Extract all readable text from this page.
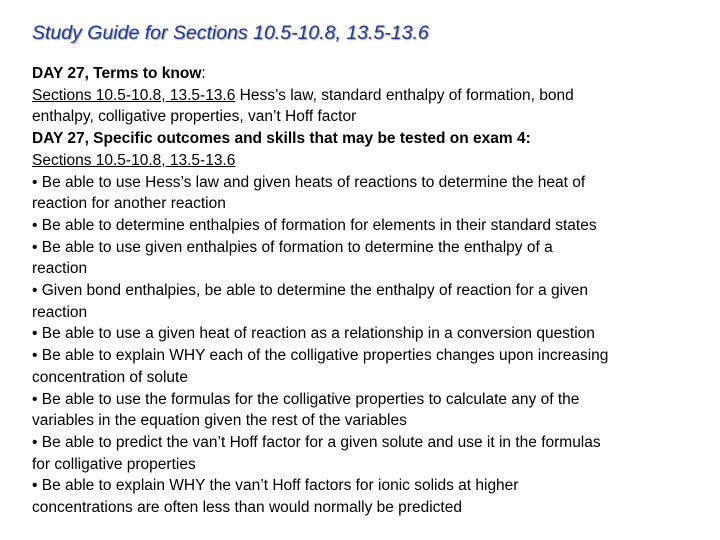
Study Guide for Sections 10.5-10.8, 13.5-13.6
DAY 27, Terms to know:
Sections 10.5-10.8, 13.5-13.6 Hess’s law, standard enthalpy of formation, bond
enthalpy, colligative properties, van’t Hoff factor
DAY 27, Specific outcomes and skills that may be tested on exam 4:
Sections 10.5-10.8, 13.5-13.6
• Be able to use Hess’s law and given heats of reactions to determine the heat of
reaction for another reaction
• Be able to determine enthalpies of formation for elements in their standard states
• Be able to use given enthalpies of formation to determine the enthalpy of a
reaction
• Given bond enthalpies, be able to determine the enthalpy of reaction for a given
reaction
• Be able to use a given heat of reaction as a relationship in a conversion question
• Be able to explain WHY each of the colligative properties changes upon increasing
concentration of solute
• Be able to use the formulas for the colligative properties to calculate any of the
variables in the equation given the rest of the variables
• Be able to predict the van’t Hoff factor for a given solute and use it in the formulas
for colligative properties
• Be able to explain WHY the van’t Hoff factors for ionic solids at higher
concentrations are often less than would normally be predicted
